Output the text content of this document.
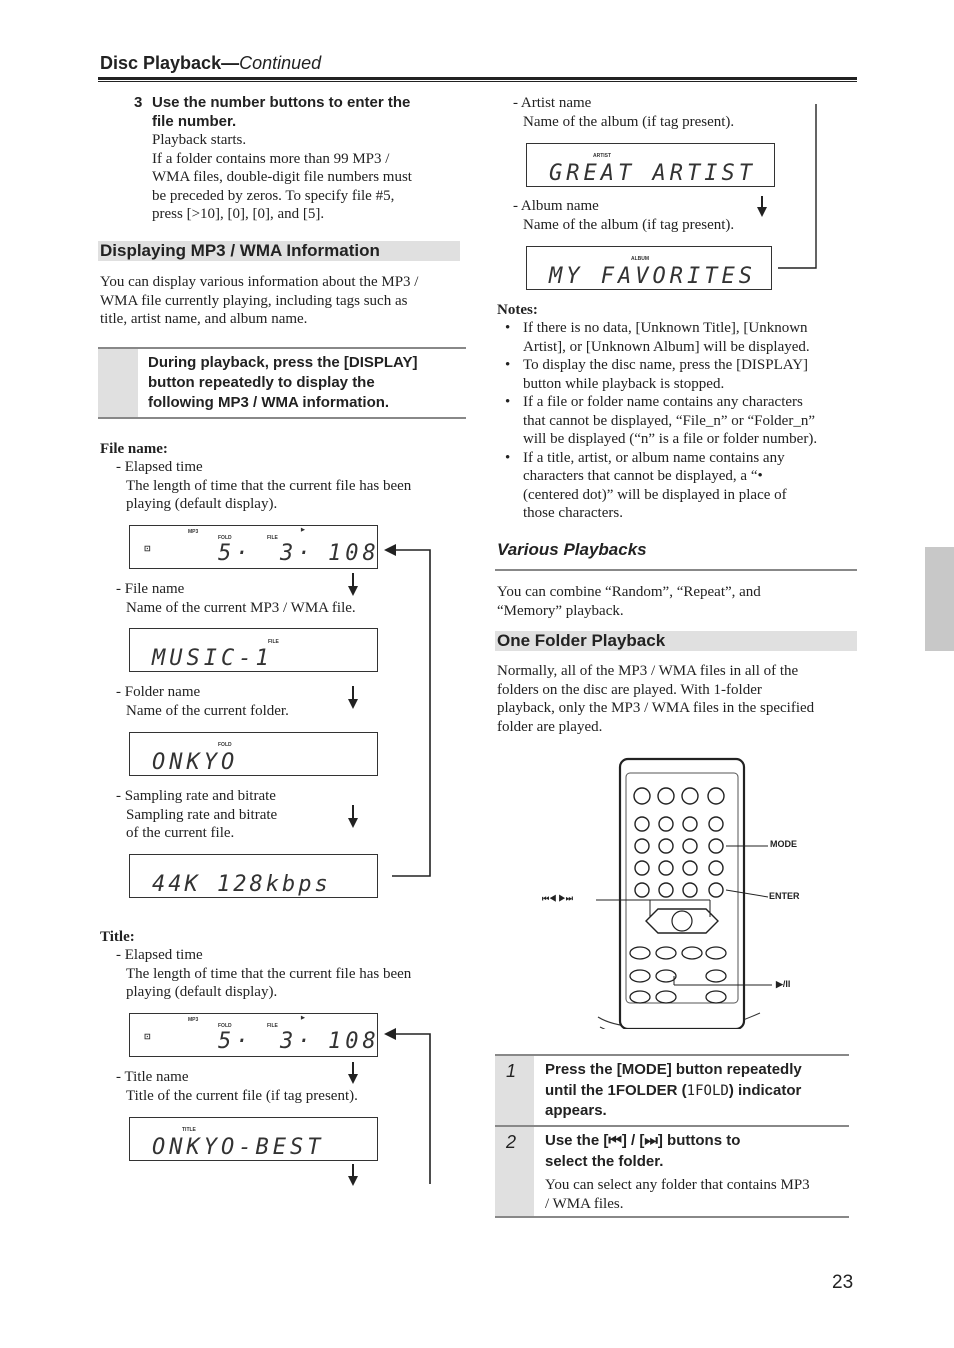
Disc Playback—Continued
3 Use the number buttons to enter the
file number.
Playback starts.
If a folder contains more than 99 MP3 /
WMA files, double-digit file numbers must
be preceded by zeros. To specify file #5,
press [>10], [0], [0], and [5].
Displaying MP3 / WMA Information
You can display various information about the MP3 /
WMA file currently playing, including tags such as
title, artist name, and album name.
During playback, press the [DISPLAY]
button repeatedly to display the
following MP3 / WMA information.
File name:
- Elapsed time
The length of time that the current file has been
playing (default display).
MP3
FOLD	FILE
▶
⊡	5· 3· 108
- File name
Name of the current MP3 / WMA file.
FILE
MUSIC-1
- Folder name
Name of the current folder.
FOLD
ONKYO
- Sampling rate and bitrate
Sampling rate and bitrate
of the current file.
44K 128kbps
Title:
- Elapsed time
The length of time that the current file has been
playing (default display).
MP3
FOLD	FILE
▶
⊡	5· 3· 108
- Title name
Title of the current file (if tag present).
TITLE
ONKYO-BEST
- Artist name
Name of the album (if tag present).
ARTIST
GREAT ARTIST
- Album name
Name of the album (if tag present).
ALBUM
MY FAVORITES
Notes:
• If there is no data, [Unknown Title], [Unknown
Artist], or [Unknown Album] will be displayed.
• To display the disc name, press the [DISPLAY]
button while playback is stopped.
• If a file or folder name contains any characters
that cannot be displayed, “File_n” or “Folder_n”
will be displayed (“n” is a file or folder number).
• If a title, artist, or album name contains any
characters that cannot be displayed, a “•
(centered dot)” will be displayed in place of
those characters.
Various Playbacks
You can combine “Random”, “Repeat”, and
“Memory” playback.
One Folder Playback
Normally, all of the MP3 / WMA files in all of the
folders on the disc are played. With 1-folder
playback, only the MP3 / WMA files in the specified
folder are played.
MODE
ENTER
⏮◀ ▶⏭
▶/II
1 Press the [MODE] button repeatedly
until the 1FOLDER (1FOLD) indicator
appears.
2 Use the [⏮] / [⏭] buttons to
select the folder.
You can select any folder that contains MP3
/ WMA files.
23
